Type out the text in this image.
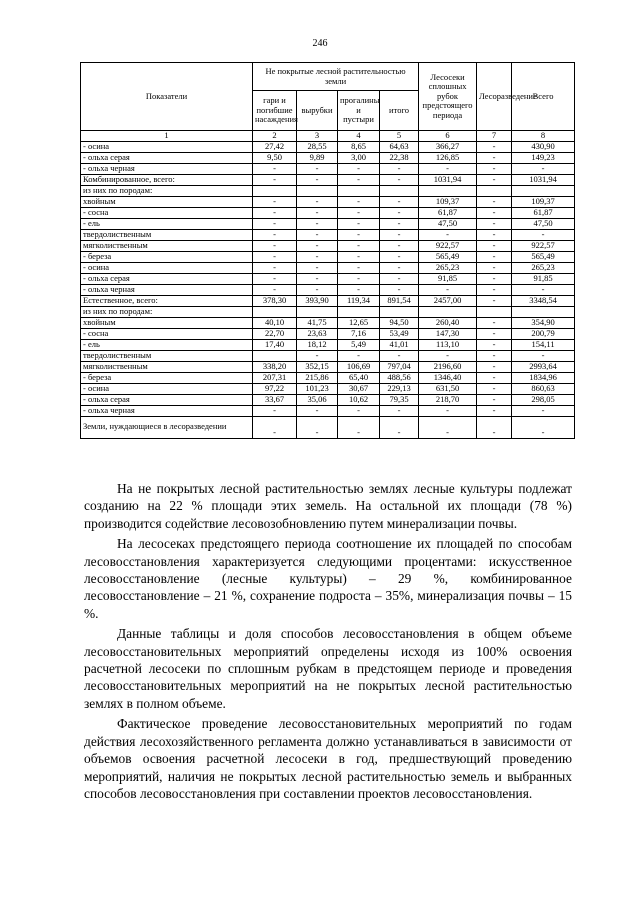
246
Показатели	Не покрытые лесной растительностью земли				Лесосеки сплошных рубок предстоящего периода	Лесоразведение	Всего
	гари и погибшие насаждения	вырубки	прогалины и пустыри	итого			
1	2	3	4	5	6	7	8
- осина	27,42	28,55	8,65	64,63	366,27	-	430,90
- ольха серая	9,50	9,89	3,00	22,38	126,85	-	149,23
- ольха черная	-	-	-	-	-	-	-
Комбинированное, всего:	-	-	-	-	1031,94	-	1031,94
из них по породам:							
хвойным	-	-	-	-	109,37	-	109,37
- сосна	-	-	-	-	61,87	-	61,87
- ель	-	-	-	-	47,50	-	47,50
твердолиственным	-	-	-	-	-	-	-
мягколиственным	-	-	-	-	922,57	-	922,57
- береза	-	-	-	-	565,49	-	565,49
- осина	-	-	-	-	265,23	-	265,23
- ольха серая	-	-	-	-	91,85	-	91,85
- ольха черная	-	-	-	-	-	-	-
Естественное, всего:	378,30	393,90	119,34	891,54	2457,00	-	3348,54
из них по породам:							
хвойным	40,10	41,75	12,65	94,50	260,40	-	354,90
- сосна	22,70	23,63	7,16	53,49	147,30	-	200,79
- ель	17,40	18,12	5,49	41,01	113,10	-	154,11
твердолиственным		-	-	-	-	-	-
мягколиственным	338,20	352,15	106,69	797,04	2196,60	-	2993,64
- береза	207,31	215,86	65,40	488,56	1346,40	-	1834,96
- осина	97,22	101,23	30,67	229,13	631,50	-	860,63
- ольха серая	33,67	35,06	10,62	79,35	218,70	-	298,05
- ольха черная	-	-	-	-	-	-	-
Земли, нуждающиеся в лесоразведении	-	-	-	-	-	-	-

На не покрытых лесной растительностью землях лесные культуры подлежат созданию на 22 % площади этих земель. На остальной их площади (78 %) производится содействие лесовозобновлению путем минерализации почвы.

На лесосеках предстоящего периода соотношение их площадей по способам лесовосстановления характеризуется следующими процентами: искусственное лесовосстановление (лесные культуры) – 29 %, комбинированное лесовосстановление – 21 %, сохранение подроста – 35%, минерализация почвы – 15 %.

Данные таблицы и доля способов лесовосстановления в общем объеме лесовосстановительных мероприятий определены исходя из 100% освоения расчетной лесосеки по сплошным рубкам в предстоящем периоде и проведения лесовосстановительных мероприятий на не покрытых лесной растительностью землях в полном объеме.

Фактическое проведение лесовосстановительных мероприятий по годам действия лесохозяйственного регламента должно устанавливаться в зависимости от объемов освоения расчетной лесосеки в год, предшествующий проведению мероприятий, наличия не покрытых лесной растительностью земель и выбранных способов лесовосстановления при составлении проектов лесовосстановления.
